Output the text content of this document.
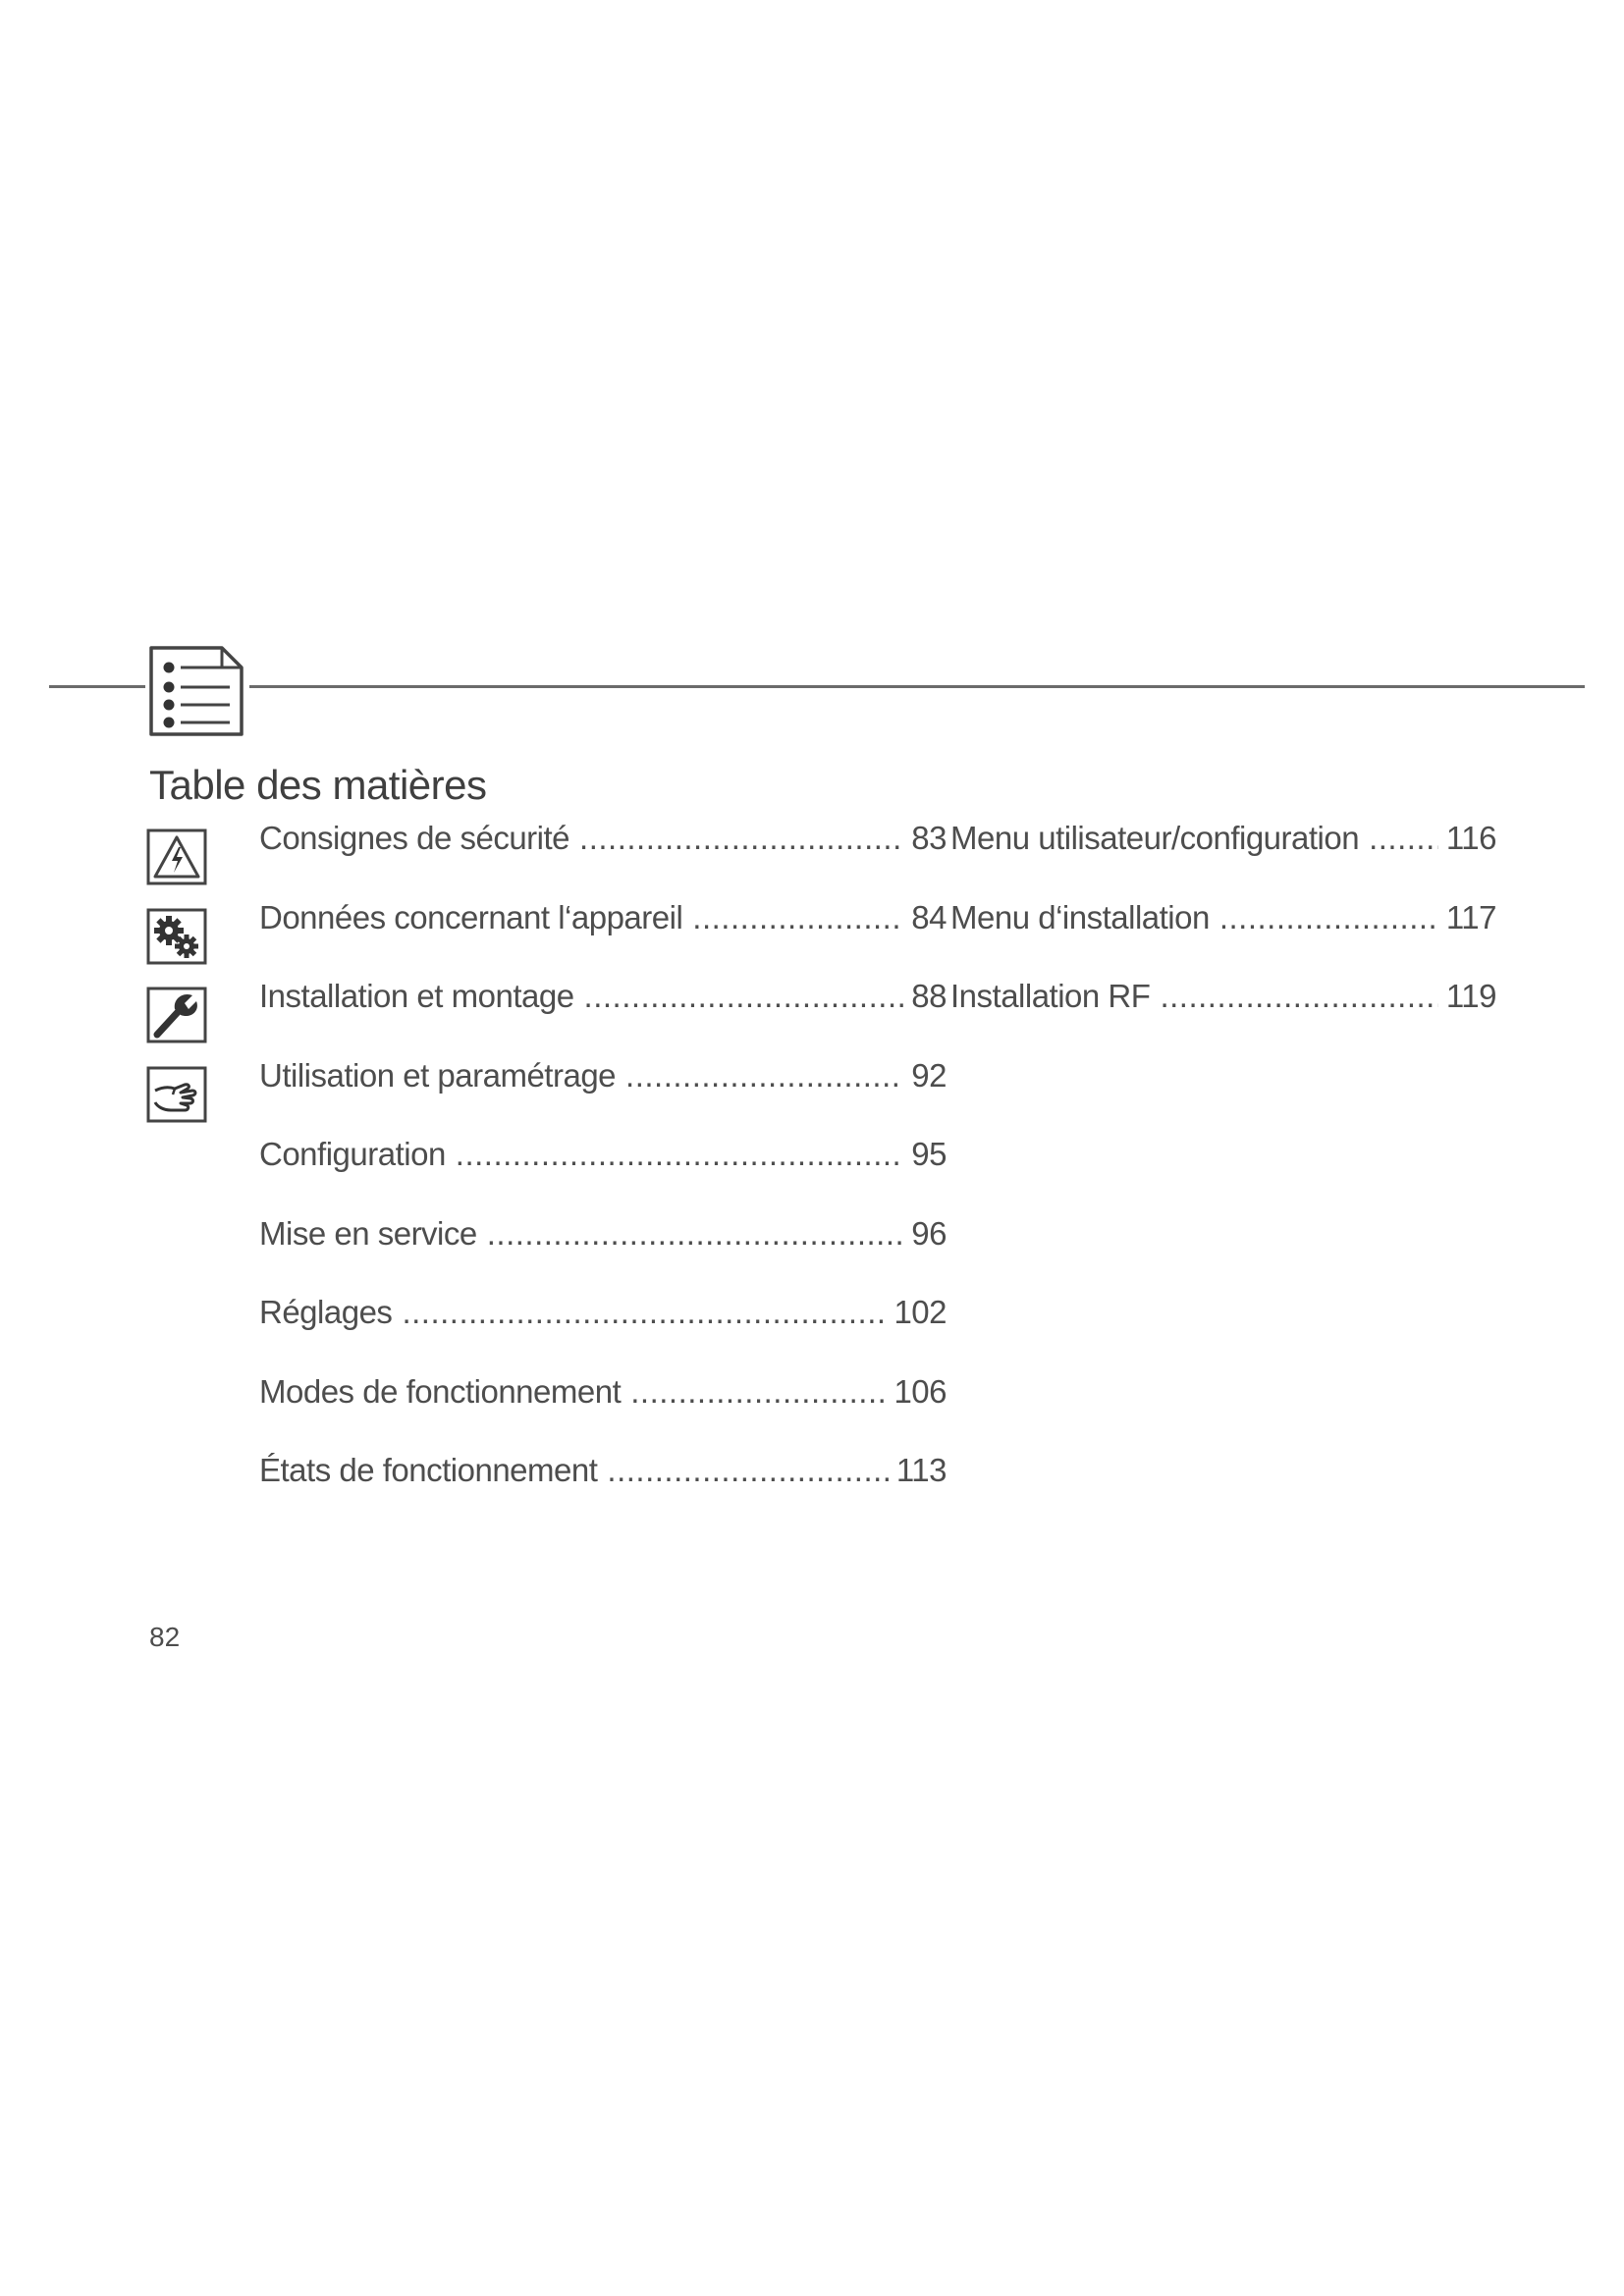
Table des matières
Consignes de sécurité .....	83
Données concernant l‘appareil .....	84
Installation et montage .....	88
Utilisation et paramétrage .....	92
Configuration .....	95
Mise en service .....	96
Réglages .....	102
Modes de fonctionnement .....	106
États de fonctionnement .....	113
Menu utilisateur/configuration .....	116
Menu d‘installation .....	117
Installation RF .....	119
82
